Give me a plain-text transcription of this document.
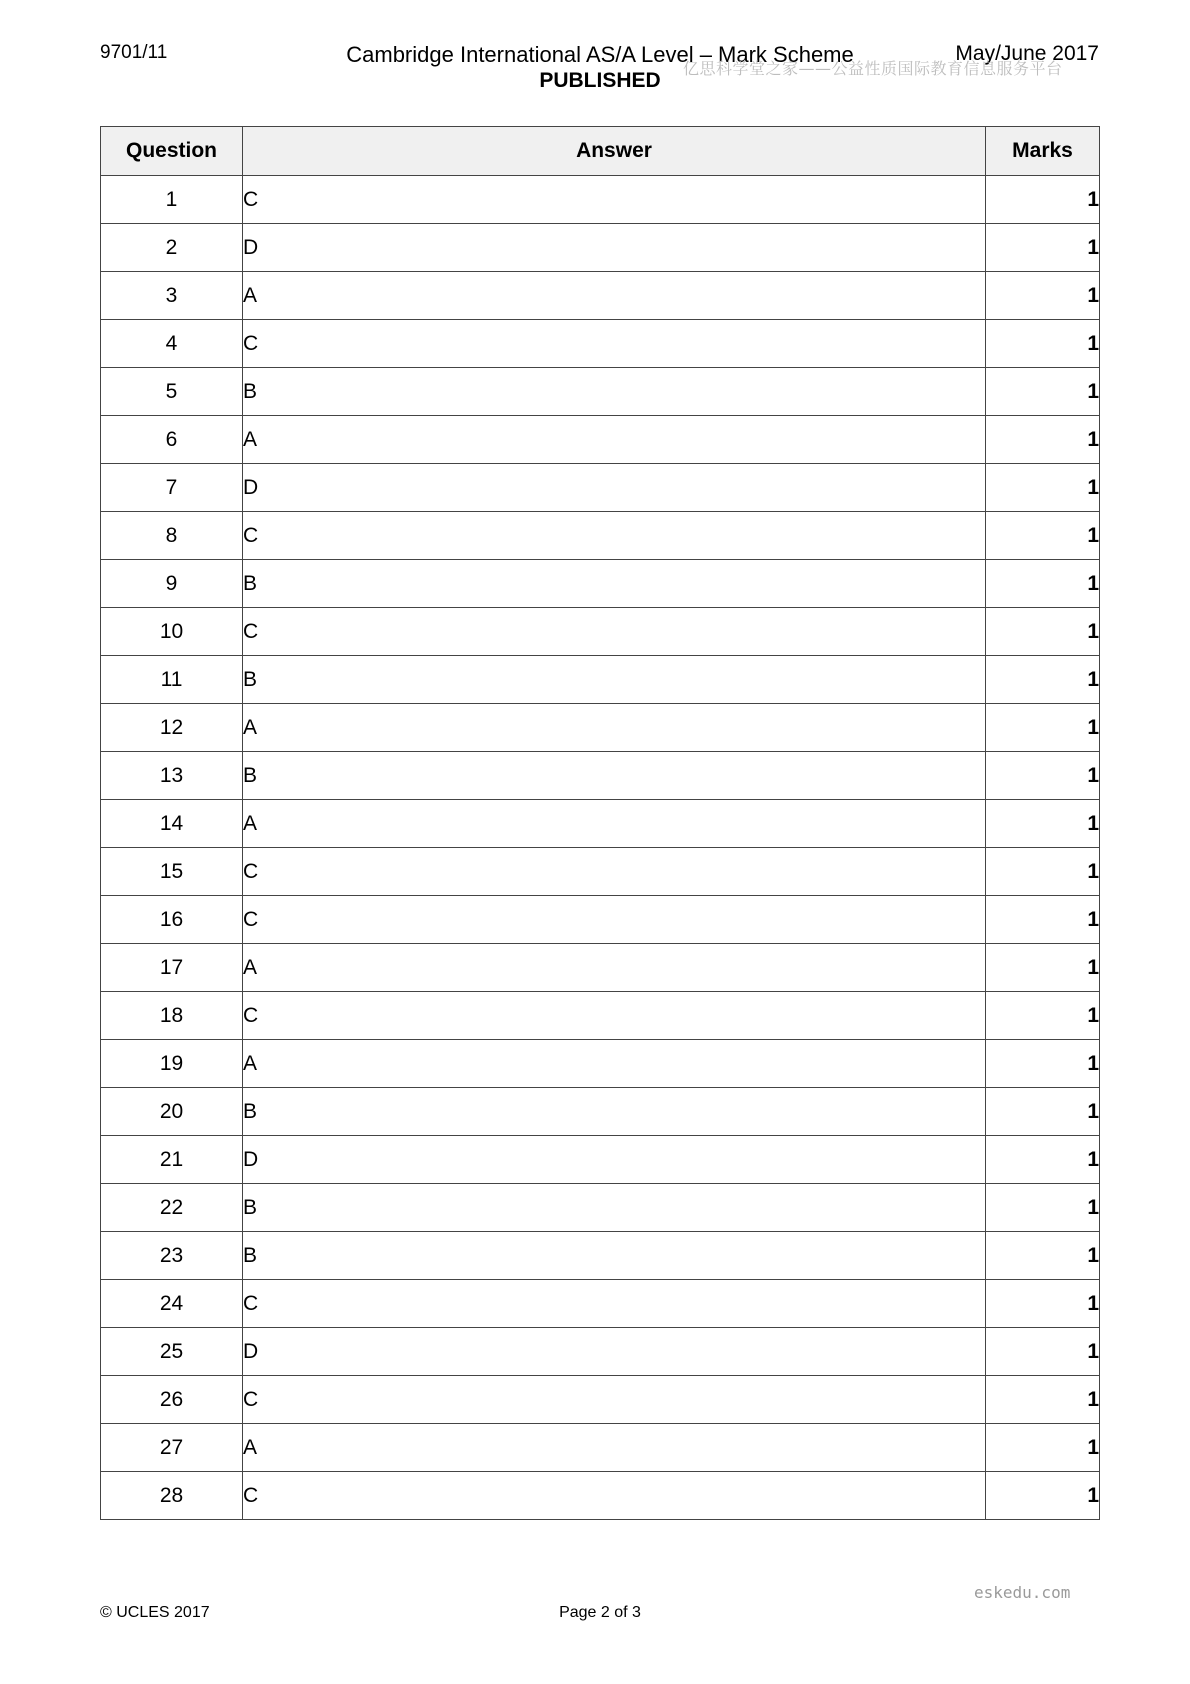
9701/11	Cambridge International AS/A Level – Mark Scheme
PUBLISHED
May/June 2017
亿思科学堂之家——公益性质国际教育信息服务平台
Question	Answer	Marks
1	C	1
2	D	1
3	A	1
4	C	1
5	B	1
6	A	1
7	D	1
8	C	1
9	B	1
10	C	1
11	B	1
12	A	1
13	B	1
14	A	1
15	C	1
16	C	1
17	A	1
18	C	1
19	A	1
20	B	1
21	D	1
22	B	1
23	B	1
24	C	1
25	D	1
26	C	1
27	A	1
28	C	1
eskedu.com
© UCLES 2017	Page 2 of 3
